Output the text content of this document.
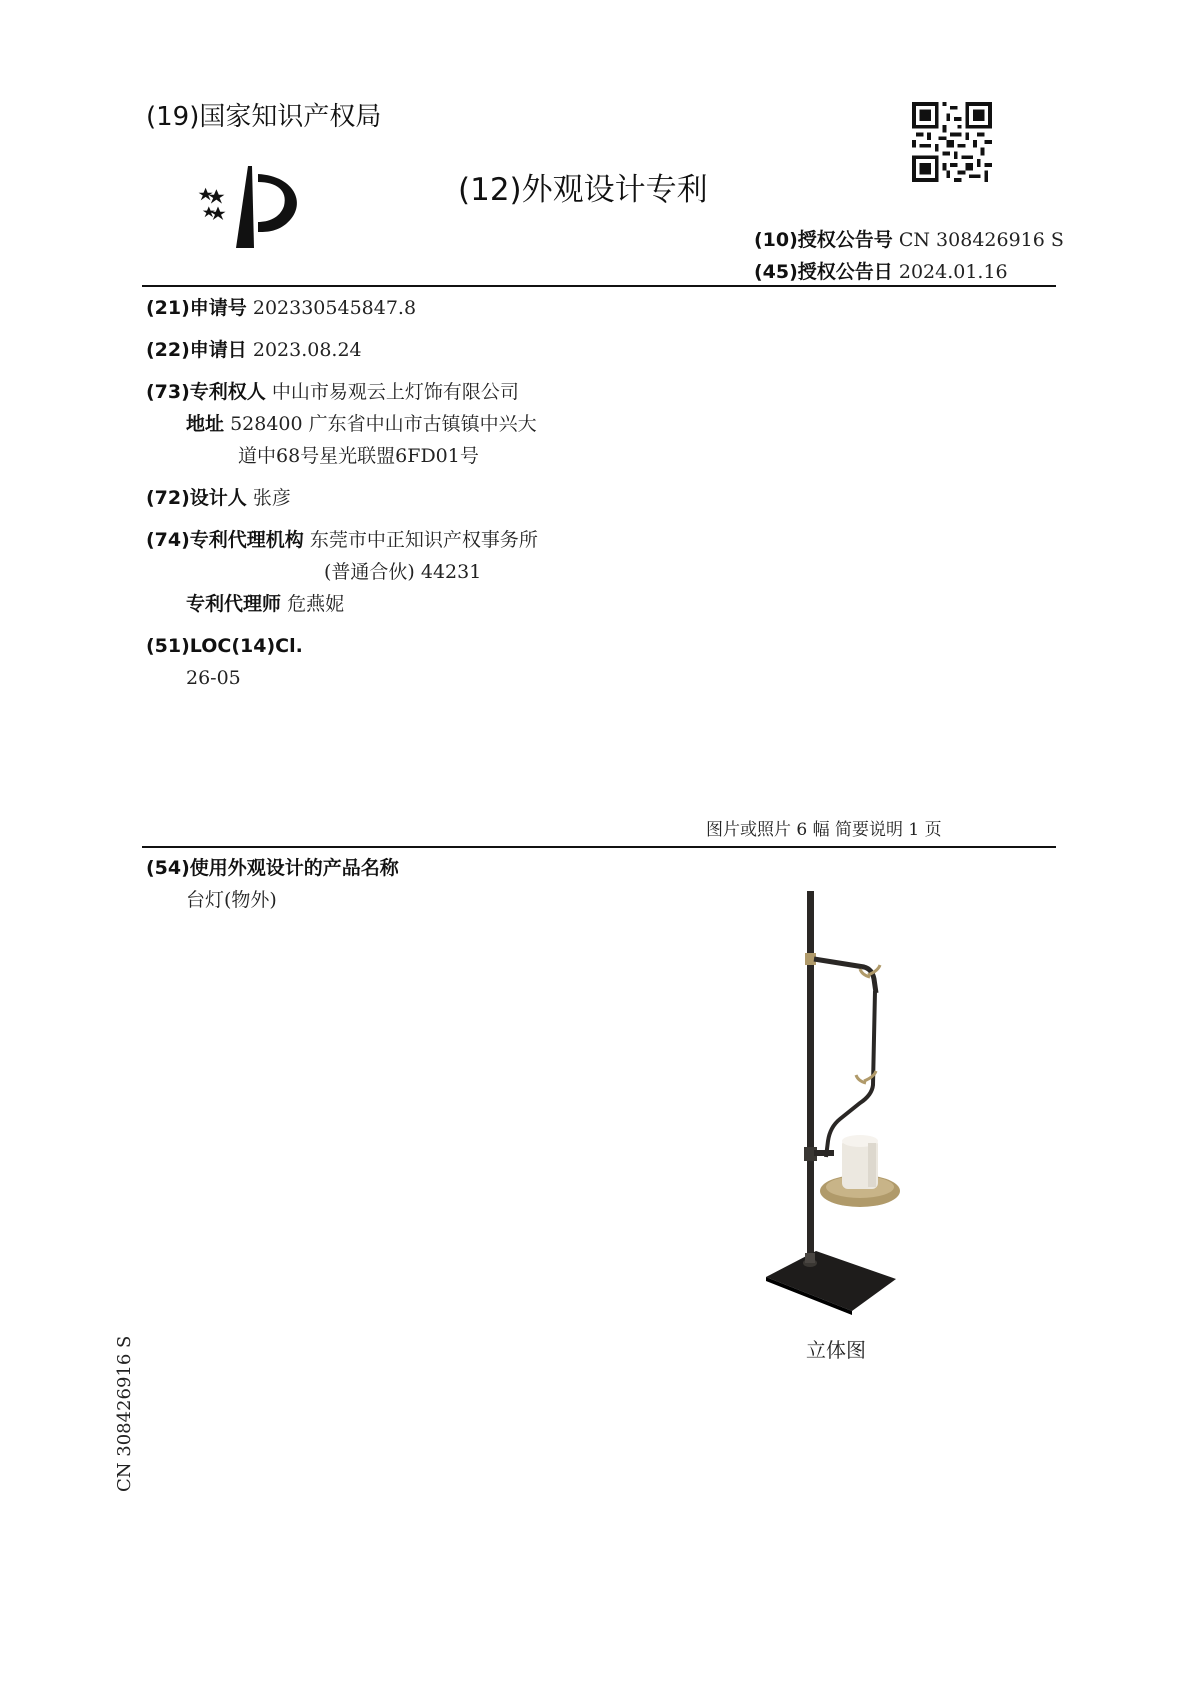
(19)国家知识产权局
(12)外观设计专利
(10)授权公告号 CN 308426916 S
(45)授权公告日 2024.01.16
(21)申请号 202330545847.8
(22)申请日 2023.08.24
(73)专利权人 中山市易观云上灯饰有限公司
地址 528400 广东省中山市古镇镇中兴大
道中68号星光联盟6FD01号
(72)设计人 张彦
(74)专利代理机构 东莞市中正知识产权事务所
(普通合伙) 44231
专利代理师 危燕妮
(51)LOC(14)Cl.
26-05
图片或照片 6 幅 简要说明 1 页
(54)使用外观设计的产品名称
台灯(物外)
立体图
CN 308426916 S
